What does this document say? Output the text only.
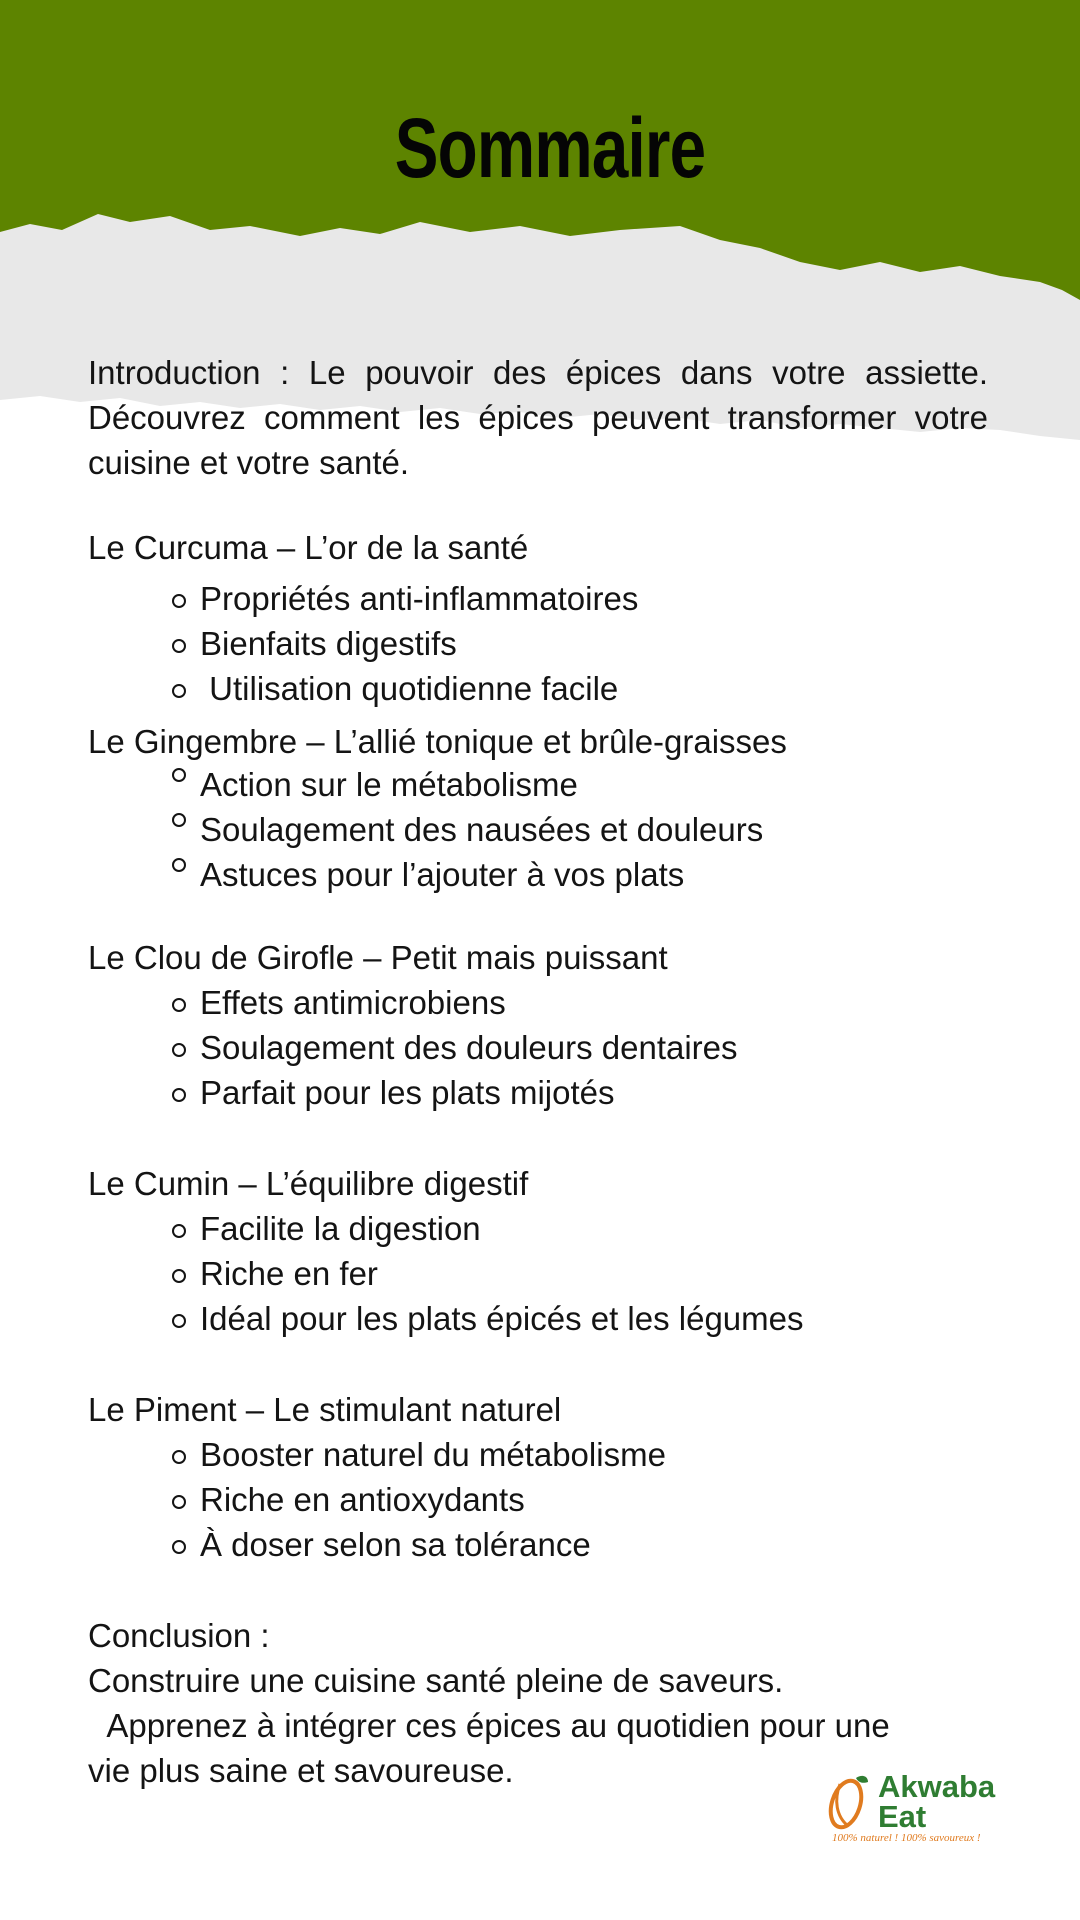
Sommaire

Introduction : Le pouvoir des épices dans votre assiette. Découvrez comment les épices peuvent transformer votre cuisine et votre santé.

Le Curcuma – L’or de la santé
Propriétés anti-inflammatoires
Bienfaits digestifs
Utilisation quotidienne facile
Le Gingembre – L’allié tonique et brûle-graisses
Action sur le métabolisme
Soulagement des nausées et douleurs
Astuces pour l’ajouter à vos plats
Le Clou de Girofle – Petit mais puissant
Effets antimicrobiens
Soulagement des douleurs dentaires
Parfait pour les plats mijotés
Le Cumin – L’équilibre digestif
Facilite la digestion
Riche en fer
Idéal pour les plats épicés et les légumes
Le Piment – Le stimulant naturel
Booster naturel du métabolisme
Riche en antioxydants
À doser selon sa tolérance

Conclusion :

Construire une cuisine santé pleine de saveurs.

Apprenez à intégrer ces épices au quotidien pour une vie plus saine et savoureuse.	Akwaba
Eat
100% naturel ! 100% savoureux !
